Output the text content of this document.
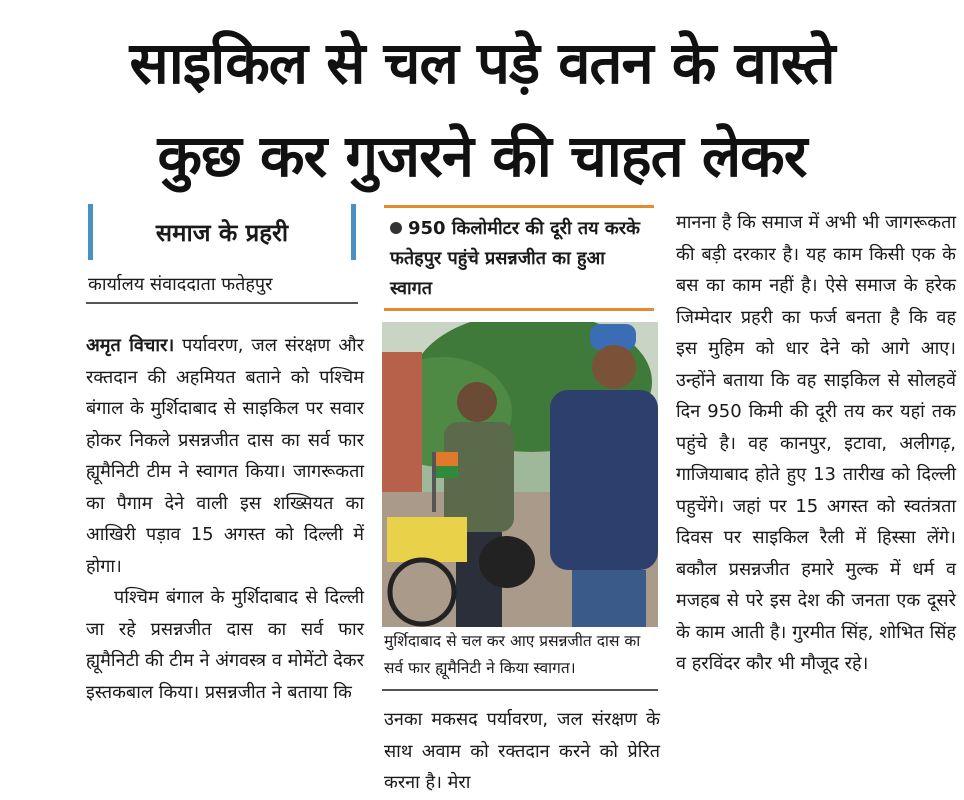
साइकिल से चल पड़े वतन के वास्ते
कुछ कर गुजरने की चाहत लेकर
समाज के प्रहरी
कार्यालय संवाददाता फतेहपुर

अमृत विचार। पर्यावरण, जल संरक्षण और रक्तदान की अहमियत बताने को पश्चिम बंगाल के मुर्शिदाबाद से साइकिल पर सवार होकर निकले प्रसन्नजीत दास का सर्व फार ह्यूमैनिटी टीम ने स्वागत किया। जागरूकता का पैगाम देने वाली इस शख्सियत का आखिरी पड़ाव 15 अगस्त को दिल्ली में होगा।

पश्चिम बंगाल के मुर्शिदाबाद से दिल्ली जा रहे प्रसन्नजीत दास का सर्व फार ह्यूमैनिटी की टीम ने अंगवस्त्र व मोमेंटो देकर इस्तकबाल किया। प्रसन्नजीत ने बताया कि

950 किलोमीटर की दूरी तय करके फतेहपुर पहुंचे प्रसन्नजीत का हुआ स्वागत
मुर्शिदाबाद से चल कर आए प्रसन्नजीत दास का सर्व फार ह्यूमैनिटी ने किया स्वागत।

उनका मकसद पर्यावरण, जल संरक्षण के साथ अवाम को रक्तदान करने को प्रेरित करना है। मेरा

मानना है कि समाज में अभी भी जागरूकता की बड़ी दरकार है। यह काम किसी एक के बस का काम नहीं है। ऐसे समाज के हरेक जिम्मेदार प्रहरी का फर्ज बनता है कि वह इस मुहिम को धार देने को आगे आए। उन्होंने बताया कि वह साइकिल से सोलहवें दिन 950 किमी की दूरी तय कर यहां तक पहुंचे है। वह कानपुर, इटावा, अलीगढ़, गाजियाबाद होते हुए 13 तारीख को दिल्ली पहुचेंगे। जहां पर 15 अगस्त को स्वतंत्रता दिवस पर साइकिल रैली में हिस्सा लेंगे। बकौल प्रसन्नजीत हमारे मुल्क में धर्म व मजहब से परे इस देश की जनता एक दूसरे के काम आती है। गुरमीत सिंह, शोभित सिंह व हरविंदर कौर भी मौजूद रहे।
